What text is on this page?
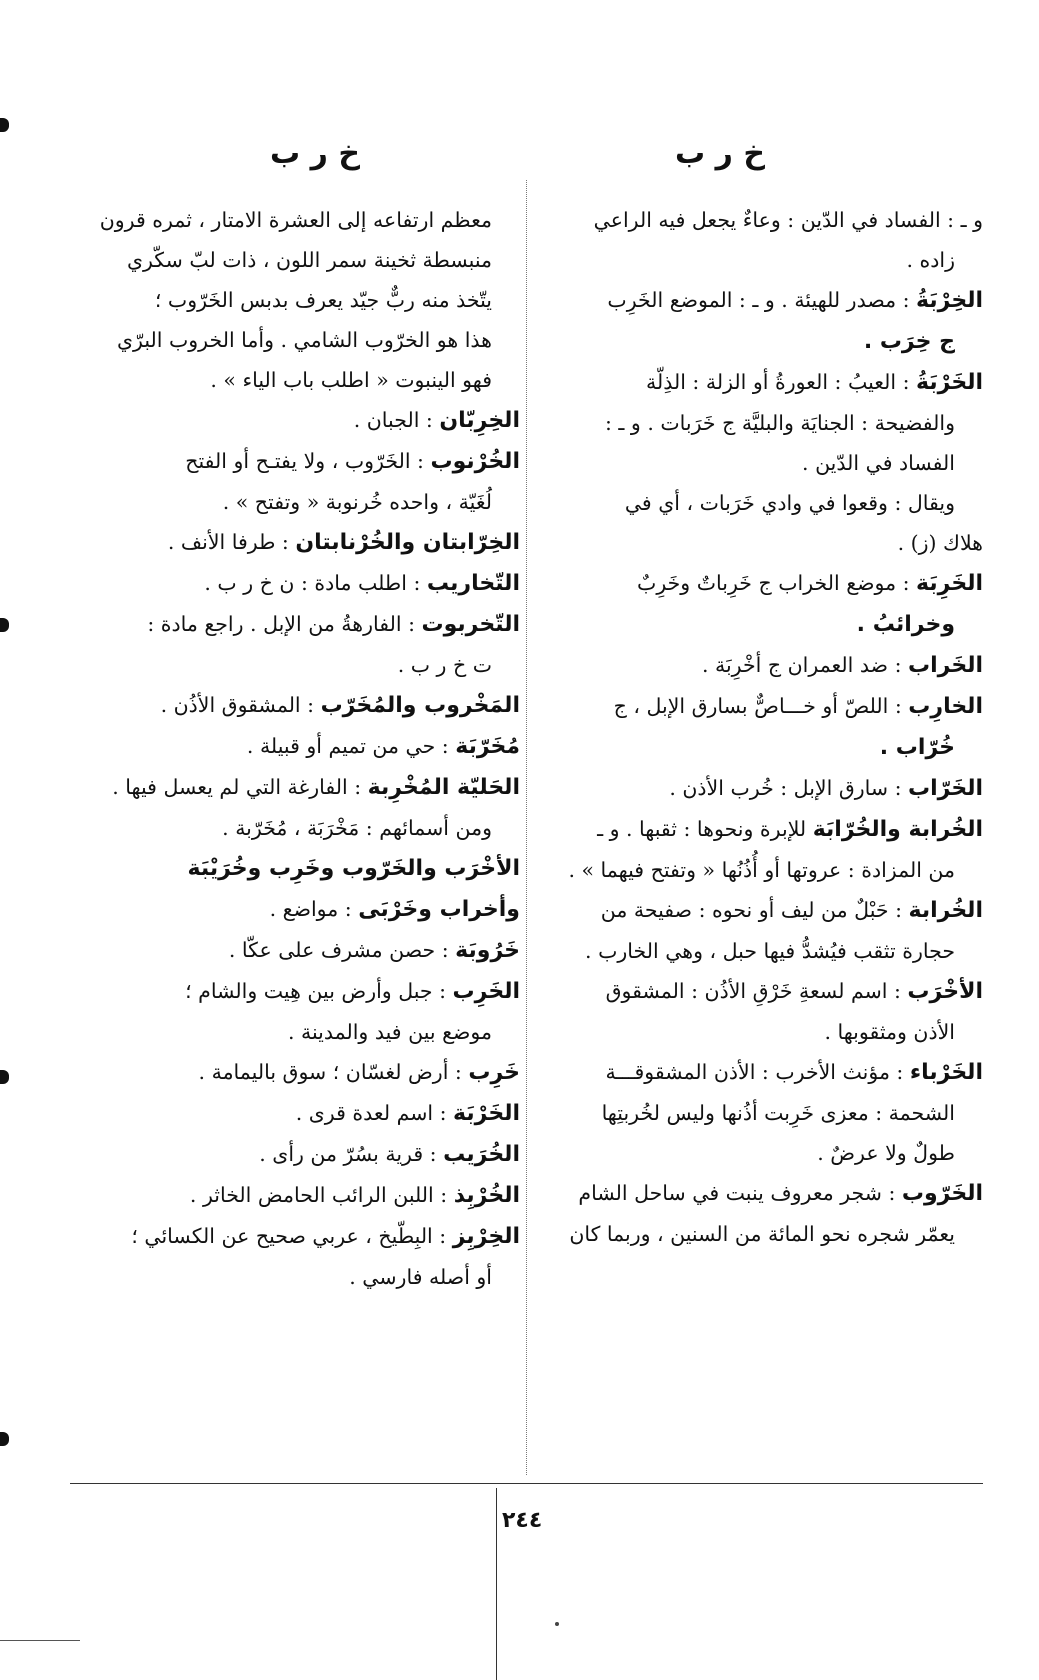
خ ر ب
خ ر ب
و ـ : الفساد في الدّين : وعاءٌ يجعل فيه الراعي
زاده .
الخِرْبَةُ : مصدر للهيئة . و ـ : الموضع الخَرِب
ج خِرَب .
الخَرْبَةُ : العيبُ : العورةُ أو الزلة : الذِلّة
والفضيحة : الجنايَة والبليَّة ج خَرَبات . و ـ :
الفساد في الدّين .
ويقال : وقعوا في وادي خَرَبات ، أي في
هلاك (ز) .
الخَرِبَة : موضع الخراب ج خَرِباتٌ وخَرِبٌ
وخرائبُ .
الخَراب : ضد العمران ج أخْرِبَة .
الخارِب : اللصّ أو خـــاصٌّ بسارق الإبل ، ج
خُرّاب .
الخَرّاب : سارق الإبل : خُرب الأذن .
الخُرابة والخُرّابَة للإبرة ونحوها : ثقبها . و ـ
من المزادة : عروتها أو أُذُنُها « وتفتح فيهما » .
الخُرابة : حَبْلٌ من ليف أو نحوه : صفيحة من
حجارة تثقب فيُشدُّ فيها حبل ، وهي الخارب .
الأخْرَب : اسم لسعةِ خَرْقِ الأذُن : المشقوق
الأذن ومثقوبها .
الخَرْباء : مؤنث الأخرب : الأذن المشقوقـــة
الشحمة : معزى خَرِبت أذُنها وليس لخُربتِها
طولٌ ولا عرضٌ .
الخَرّوب : شجر معروف ينبت في ساحل الشام
يعمّر شجره نحو المائة من السنين ، وربما كان
معظم ارتفاعه إلى العشرة الامتار ، ثمره قرون
منبسطة ثخينة سمر اللون ، ذات لبّ سكّري
يتّخذ منه ربٌّ جيّد يعرف بدبس الخَرّوب ؛
هذا هو الخرّوب الشامي . وأما الخروب البرّي
فهو الينبوت « اطلب باب الياء » .
الخِرِبّان : الجبان .
الخُرْنوب : الخَرّوب ، ولا يفتـح أو الفتح
لُغَيّة ، واحده خُرنوبة « وتفتح » .
الخِرّابتان والخُرْنابتان : طرفا الأنف .
التّخاريب : اطلب مادة : ن خ ر ب .
التّخربوت : الفارهةُ من الإبل . راجع مادة :
ت خ ر ب .
المَخْروب والمُخَرّب : المشقوق الأذُن .
مُخَرّبَة : حي من تميم أو قبيلة .
الحَليّة المُخْرِبة : الفارغة التي لم يعسل فيها .
ومن أسمائهم : مَخْرَبَة ، مُخَرّبة .
الأخْرَب والخَرّوب وخَرِب وخُرَيْبَة
وأخراب وخَرْبَى : مواضع .
خَرُوبَة : حصن مشرف على عكّا .
الخَرِب : جبل وأرض بين هِيت والشام ؛
موضع بين فيد والمدينة .
خَرِب : أرض لغسّان ؛ سوق باليمامة .
الخَرْبَة : اسم لعدة قرى .
الخُرَيب : قرية بسُرّ من رأى .
الخُرْبِذ : اللبن الرائب الحامض الخاثر .
الخِرْبِز : البِطّيخ ، عربي صحيح عن الكسائي ؛
أو أصله فارسي .
٢٤٤
